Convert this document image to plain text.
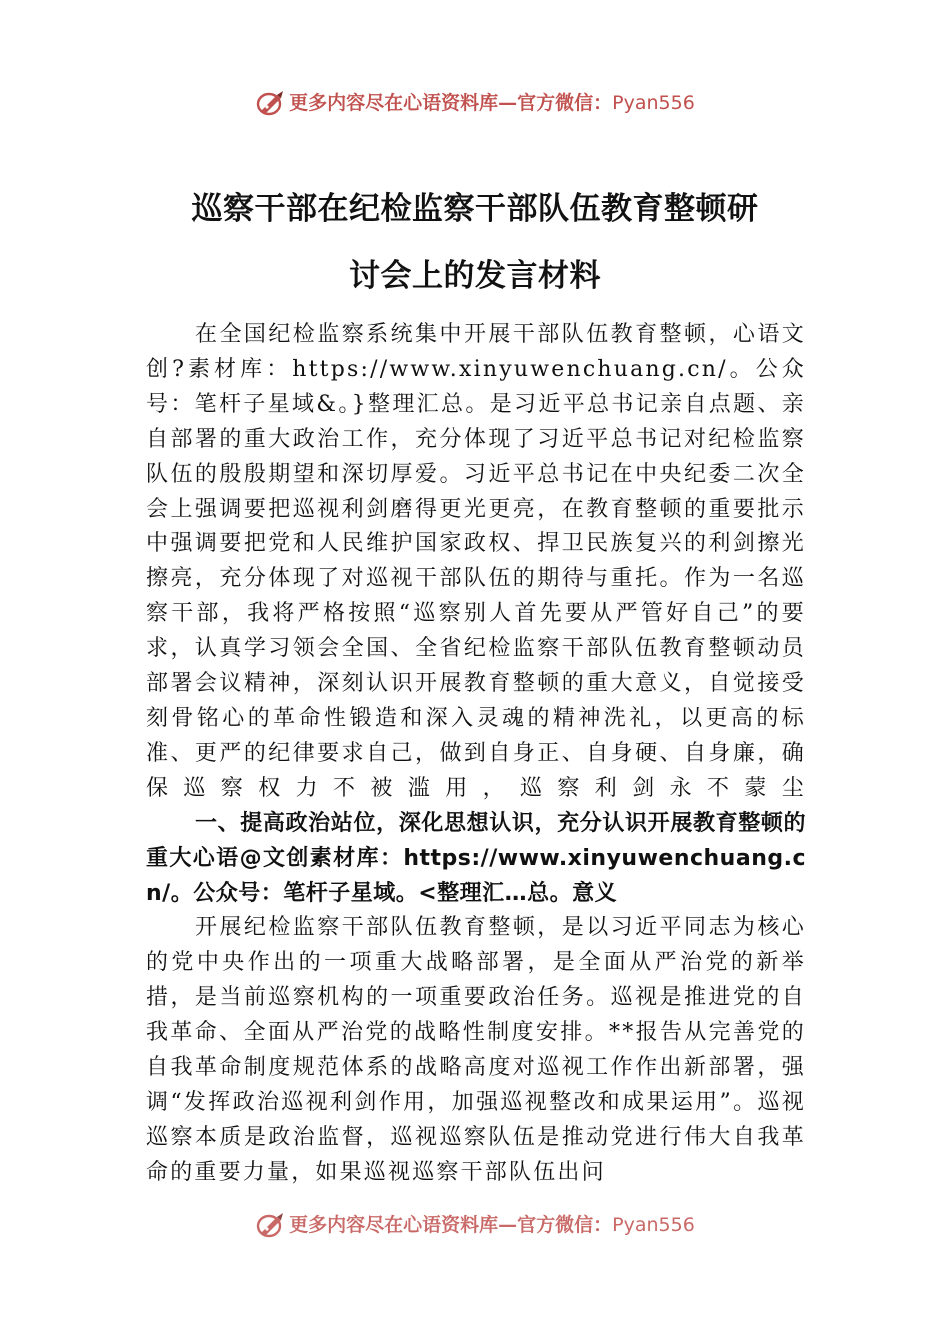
更多内容尽在心语资料库—官方微信：Pyan556
巡察干部在纪检监察干部队伍教育整顿研
讨会上的发言材料

在全国纪检监察系统集中开展干部队伍教育整顿，心语文创?素材库：https://www.xinyuwenchuang.cn/。公众号：笔杆子星域&。}整理汇总。是习近平总书记亲自点题、亲自部署的重大政治工作，充分体现了习近平总书记对纪检监察队伍的殷殷期望和深切厚爱。习近平总书记在中央纪委二次全会上强调要把巡视利剑磨得更光更亮，在教育整顿的重要批示中强调要把党和人民维护国家政权、捍卫民族复兴的利剑擦光擦亮，充分体现了对巡视干部队伍的期待与重托。作为一名巡察干部，我将严格按照“巡察别人首先要从严管好自己”的要求，认真学习领会全国、全省纪检监察干部队伍教育整顿动员部署会议精神，深刻认识开展教育整顿的重大意义，自觉接受刻骨铭心的革命性锻造和深入灵魂的精神洗礼，以更高的标准、更严的纪律要求自己，做到自身正、自身硬、自身廉，确保巡察权力不被滥用，巡察利剑永不蒙尘

一、提高政治站位，深化思想认识，充分认识开展教育整顿的重大心语@文创素材库：https://www.xinyuwenchuang.cn/。公众号：笔杆子星域。<整理汇…总。意义

开展纪检监察干部队伍教育整顿，是以习近平同志为核心的党中央作出的一项重大战略部署，是全面从严治党的新举措，是当前巡察机构的一项重要政治任务。巡视是推进党的自我革命、全面从严治党的战略性制度安排。**报告从完善党的自我革命制度规范体系的战略高度对巡视工作作出新部署，强调“发挥政治巡视利剑作用，加强巡视整改和成果运用”。巡视巡察本质是政治监督，巡视巡察队伍是推动党进行伟大自我革命的重要力量，如果巡视巡察干部队伍出问

更多内容尽在心语资料库—官方微信：Pyan556
